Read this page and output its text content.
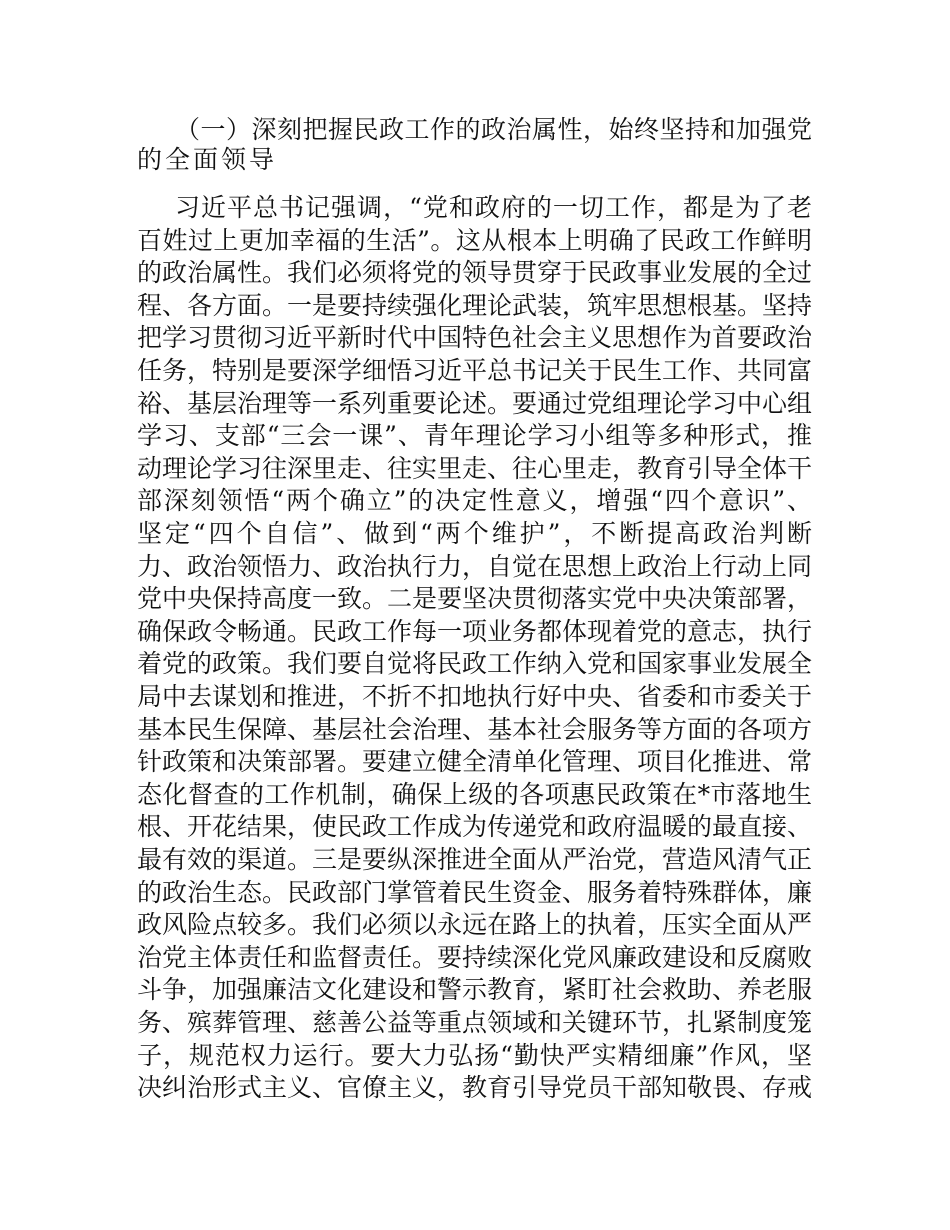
（一）深刻把握民政工作的政治属性，始终坚持和加强党
的全面领导
习近平总书记强调，“党和政府的一切工作，都是为了老
百姓过上更加幸福的生活”。这从根本上明确了民政工作鲜明
的政治属性。我们必须将党的领导贯穿于民政事业发展的全过
程、各方面。一是要持续强化理论武装，筑牢思想根基。坚持
把学习贯彻习近平新时代中国特色社会主义思想作为首要政治
任务，特别是要深学细悟习近平总书记关于民生工作、共同富
裕、基层治理等一系列重要论述。要通过党组理论学习中心组
学习、支部“三会一课”、青年理论学习小组等多种形式，推
动理论学习往深里走、往实里走、往心里走，教育引导全体干
部深刻领悟“两个确立”的决定性意义，增强“四个意识”、
坚定“四个自信”、做到“两个维护”，不断提高政治判断
力、政治领悟力、政治执行力，自觉在思想上政治上行动上同
党中央保持高度一致。二是要坚决贯彻落实党中央决策部署，
确保政令畅通。民政工作每一项业务都体现着党的意志，执行
着党的政策。我们要自觉将民政工作纳入党和国家事业发展全
局中去谋划和推进，不折不扣地执行好中央、省委和市委关于
基本民生保障、基层社会治理、基本社会服务等方面的各项方
针政策和决策部署。要建立健全清单化管理、项目化推进、常
态化督查的工作机制，确保上级的各项惠民政策在*市落地生
根、开花结果，使民政工作成为传递党和政府温暖的最直接、
最有效的渠道。三是要纵深推进全面从严治党，营造风清气正
的政治生态。民政部门掌管着民生资金、服务着特殊群体，廉
政风险点较多。我们必须以永远在路上的执着，压实全面从严
治党主体责任和监督责任。要持续深化党风廉政建设和反腐败
斗争，加强廉洁文化建设和警示教育，紧盯社会救助、养老服
务、殡葬管理、慈善公益等重点领域和关键环节，扎紧制度笼
子，规范权力运行。要大力弘扬“勤快严实精细廉”作风，坚
决纠治形式主义、官僚主义，教育引导党员干部知敬畏、存戒
